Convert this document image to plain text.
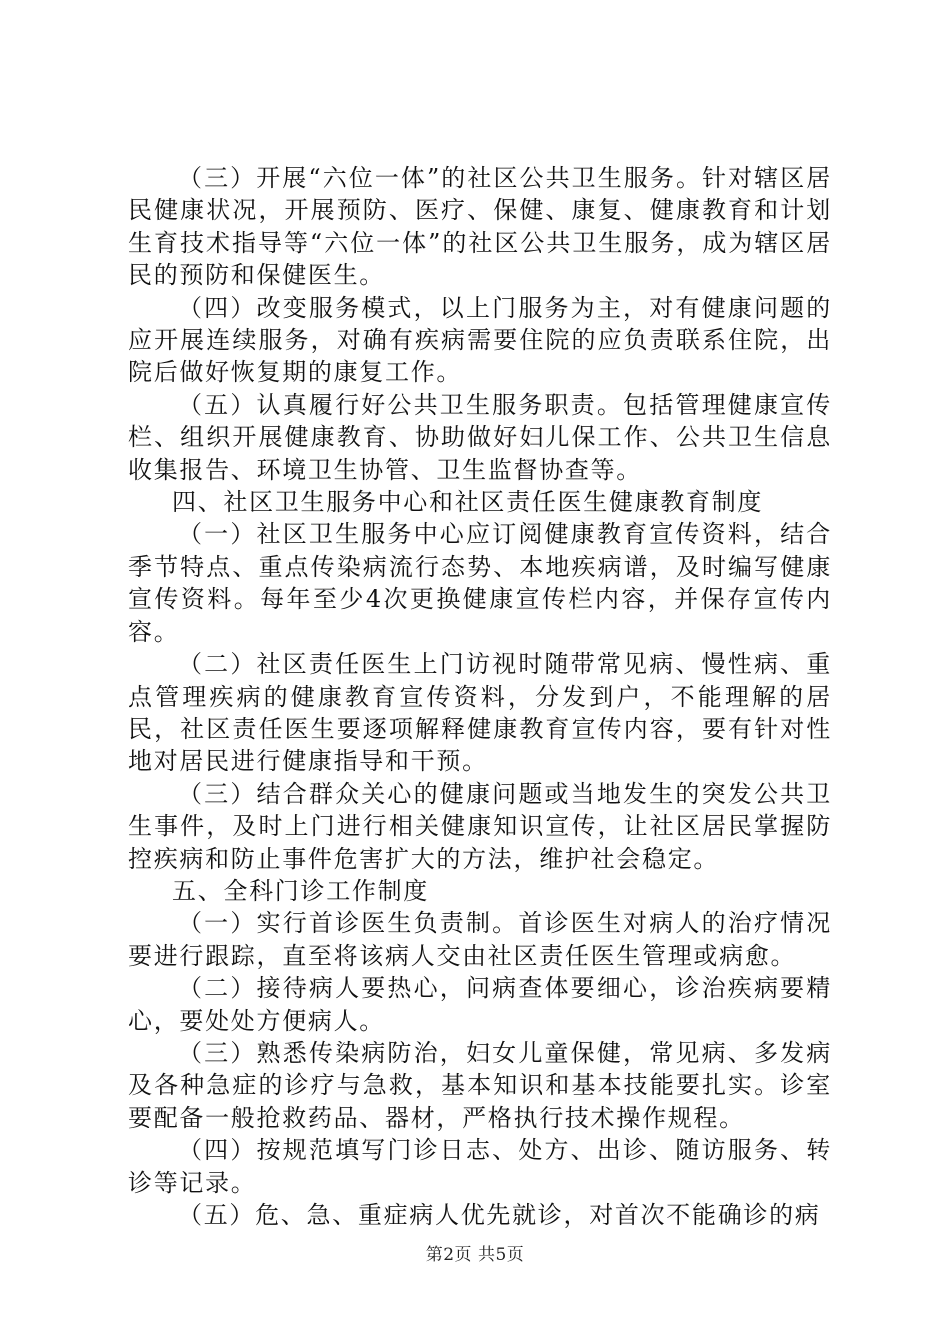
（三）开展“六位一体”的社区公共卫生服务。针对辖区居民健康状况，开展预防、医疗、保健、康复、健康教育和计划生育技术指导等“六位一体”的社区公共卫生服务，成为辖区居民的预防和保健医生。

（四）改变服务模式，以上门服务为主，对有健康问题的应开展连续服务，对确有疾病需要住院的应负责联系住院，出院后做好恢复期的康复工作。

（五）认真履行好公共卫生服务职责。包括管理健康宣传栏、组织开展健康教育、协助做好妇儿保工作、公共卫生信息收集报告、环境卫生协管、卫生监督协查等。

四、社区卫生服务中心和社区责任医生健康教育制度

（一）社区卫生服务中心应订阅健康教育宣传资料，结合季节特点、重点传染病流行态势、本地疾病谱，及时编写健康宣传资料。每年至少4次更换健康宣传栏内容，并保存宣传内容。

（二）社区责任医生上门访视时随带常见病、慢性病、重点管理疾病的健康教育宣传资料，分发到户，不能理解的居民，社区责任医生要逐项解释健康教育宣传内容，要有针对性地对居民进行健康指导和干预。

（三）结合群众关心的健康问题或当地发生的突发公共卫生事件，及时上门进行相关健康知识宣传，让社区居民掌握防控疾病和防止事件危害扩大的方法，维护社会稳定。

五、全科门诊工作制度

（一）实行首诊医生负责制。首诊医生对病人的治疗情况要进行跟踪，直至将该病人交由社区责任医生管理或病愈。

（二）接待病人要热心，问病查体要细心，诊治疾病要精心，要处处方便病人。

（三）熟悉传染病防治，妇女儿童保健，常见病、多发病及各种急症的诊疗与急救，基本知识和基本技能要扎实。诊室要配备一般抢救药品、器材，严格执行技术操作规程。

（四）按规范填写门诊日志、处方、出诊、随访服务、转诊等记录。

（五）危、急、重症病人优先就诊，对首次不能确诊的病

第2页 共5页
